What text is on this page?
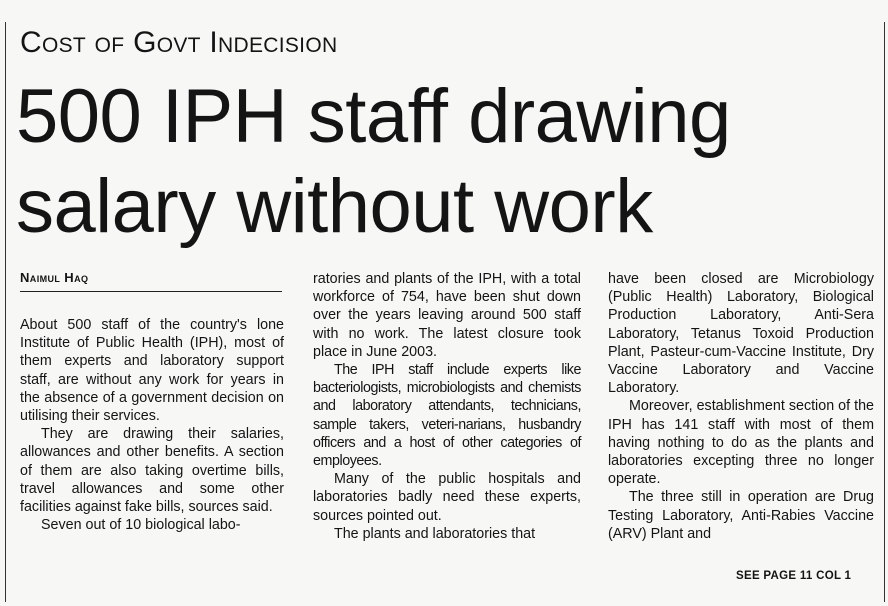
Cost of Govt Indecision
500 IPH staff drawing
salary without work
Naimul Haq

About 500 staff of the country's lone Institute of Public Health (IPH), most of them experts and laboratory support staff, are without any work for years in the absence of a government decision on utilising their services.

They are drawing their salaries, allowances and other benefits. A section of them are also taking overtime bills, travel allowances and some other facilities against fake bills, sources said.

Seven out of 10 biological labo-

ratories and plants of the IPH, with a total workforce of 754, have been shut down over the years leaving around 500 staff with no work. The latest closure took place in June 2003.

The IPH staff include experts like bacteriologists, microbiologists and chemists and laboratory attendants, technicians, sample takers, veteri-narians, husbandry officers and a host of other categories of employees.

Many of the public hospitals and laboratories badly need these experts, sources pointed out.

The plants and laboratories that

have been closed are Microbiology (Public Health) Laboratory, Biological Production Laboratory, Anti-Sera Laboratory, Tetanus Toxoid Production Plant, Pasteur-cum-Vaccine Institute, Dry Vaccine Laboratory and Vaccine Laboratory.

Moreover, establishment section of the IPH has 141 staff with most of them having nothing to do as the plants and laboratories excepting three no longer operate.

The three still in operation are Drug Testing Laboratory, Anti-Rabies Vaccine (ARV) Plant and

SEE PAGE 11 COL 1
